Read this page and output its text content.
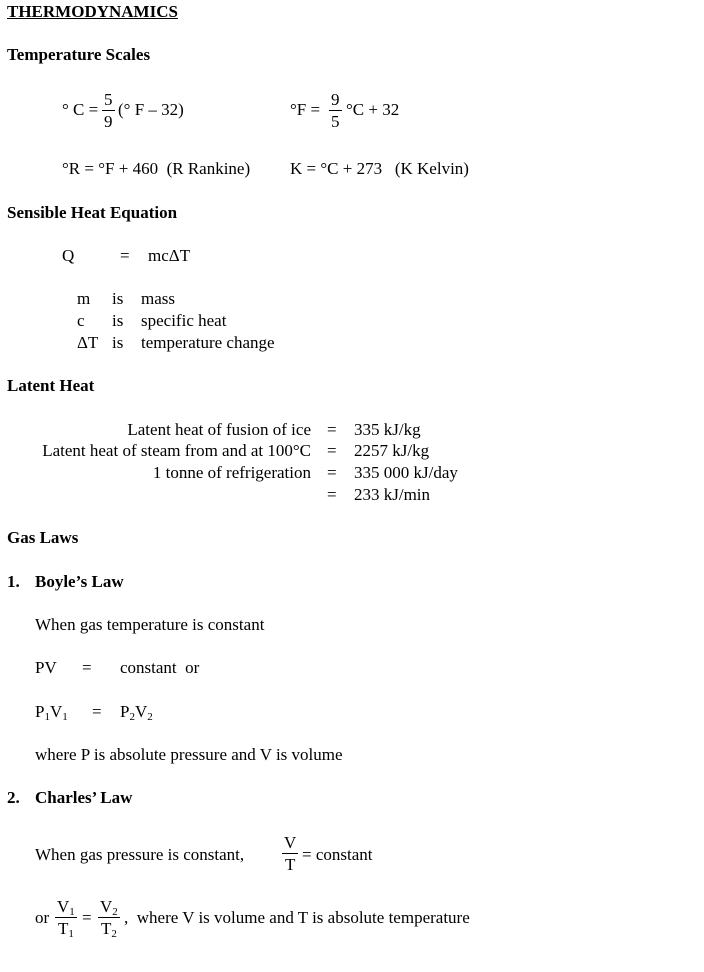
THERMODYNAMICS
Temperature Scales
° $C = \frac{5}{9}$ (° F – 32)	$^\circ F = \frac{9}{5} ^\circ C + 32$
°R = °F + 460  (R Rankine) K = °C + 273   (K Kelvin)
Sensible Heat Equation
Q	= mcΔT
m is mass
c is specific heat
ΔT is temperature change
Latent Heat
Latent heat of fusion of ice = 335 kJ/kg
Latent heat of steam from and at 100°C = 2257 kJ/kg
1 tonne of refrigeration = 335 000 kJ/day
= 233 kJ/min
Gas Laws
1. Boyle’s Law
When gas temperature is constant
PV = constant  or
$P_1V_1 = P_2V_2$
where P is absolute pressure and V is volume
2. Charles’ Law
When gas pressure is constant, $\frac{V}{T}$ = constant
or $\frac{V_1}{T_1} = \frac{V_2}{T_2}$ ,  where V is volume and T is absolute temperature
